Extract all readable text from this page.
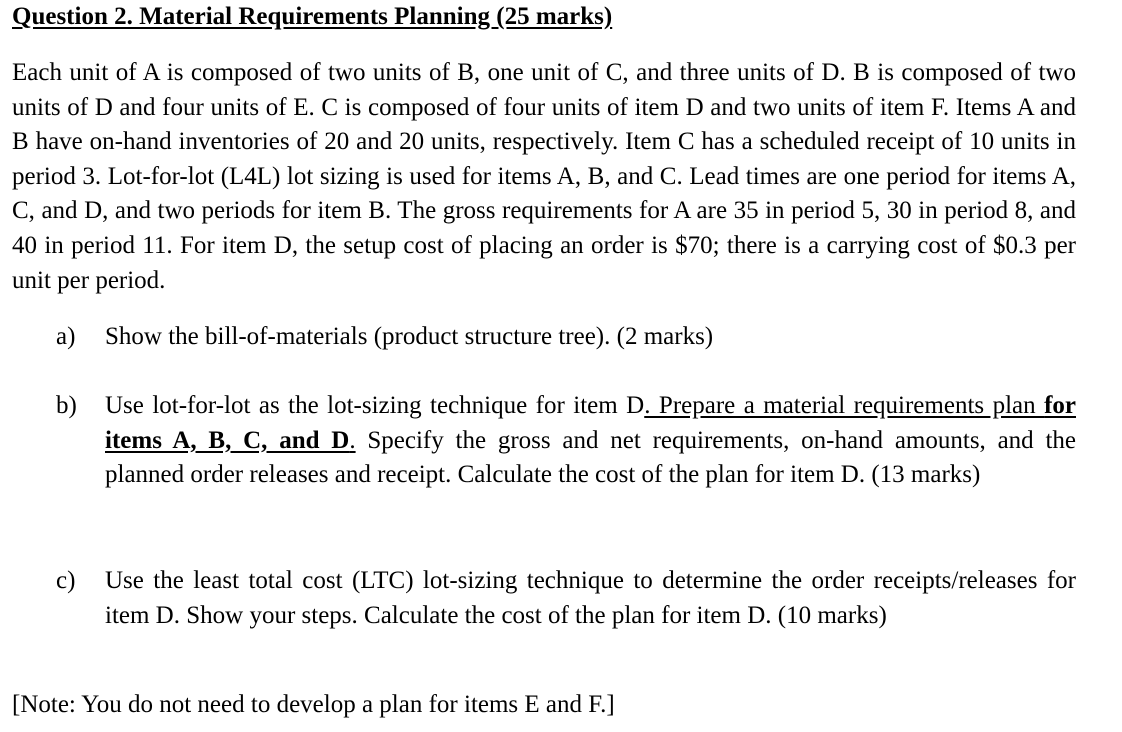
Question 2. Material Requirements Planning (25 marks)

Each unit of A is composed of two units of B, one unit of C, and three units of D. B is composed of two units of D and four units of E. C is composed of four units of item D and two units of item F. Items A and B have on-hand inventories of 20 and 20 units, respectively. Item C has a scheduled receipt of 10 units in period 3. Lot-for-lot (L4L) lot sizing is used for items A, B, and C. Lead times are one period for items A, C, and D, and two periods for item B. The gross requirements for A are 35 in period 5, 30 in period 8, and 40 in period 11. For item D, the setup cost of placing an order is $70; there is a carrying cost of $0.3 per unit per period.

a) Show the bill-of-materials (product structure tree). (2 marks)
b) Use lot-for-lot as the lot-sizing technique for item D. Prepare a material requirements plan for items A, B, C, and D. Specify the gross and net requirements, on-hand amounts, and the planned order releases and receipt. Calculate the cost of the plan for item D. (13 marks)
c) Use the least total cost (LTC) lot-sizing technique to determine the order receipts/releases for item D. Show your steps. Calculate the cost of the plan for item D. (10 marks)
[Note: You do not need to develop a plan for items E and F.]
